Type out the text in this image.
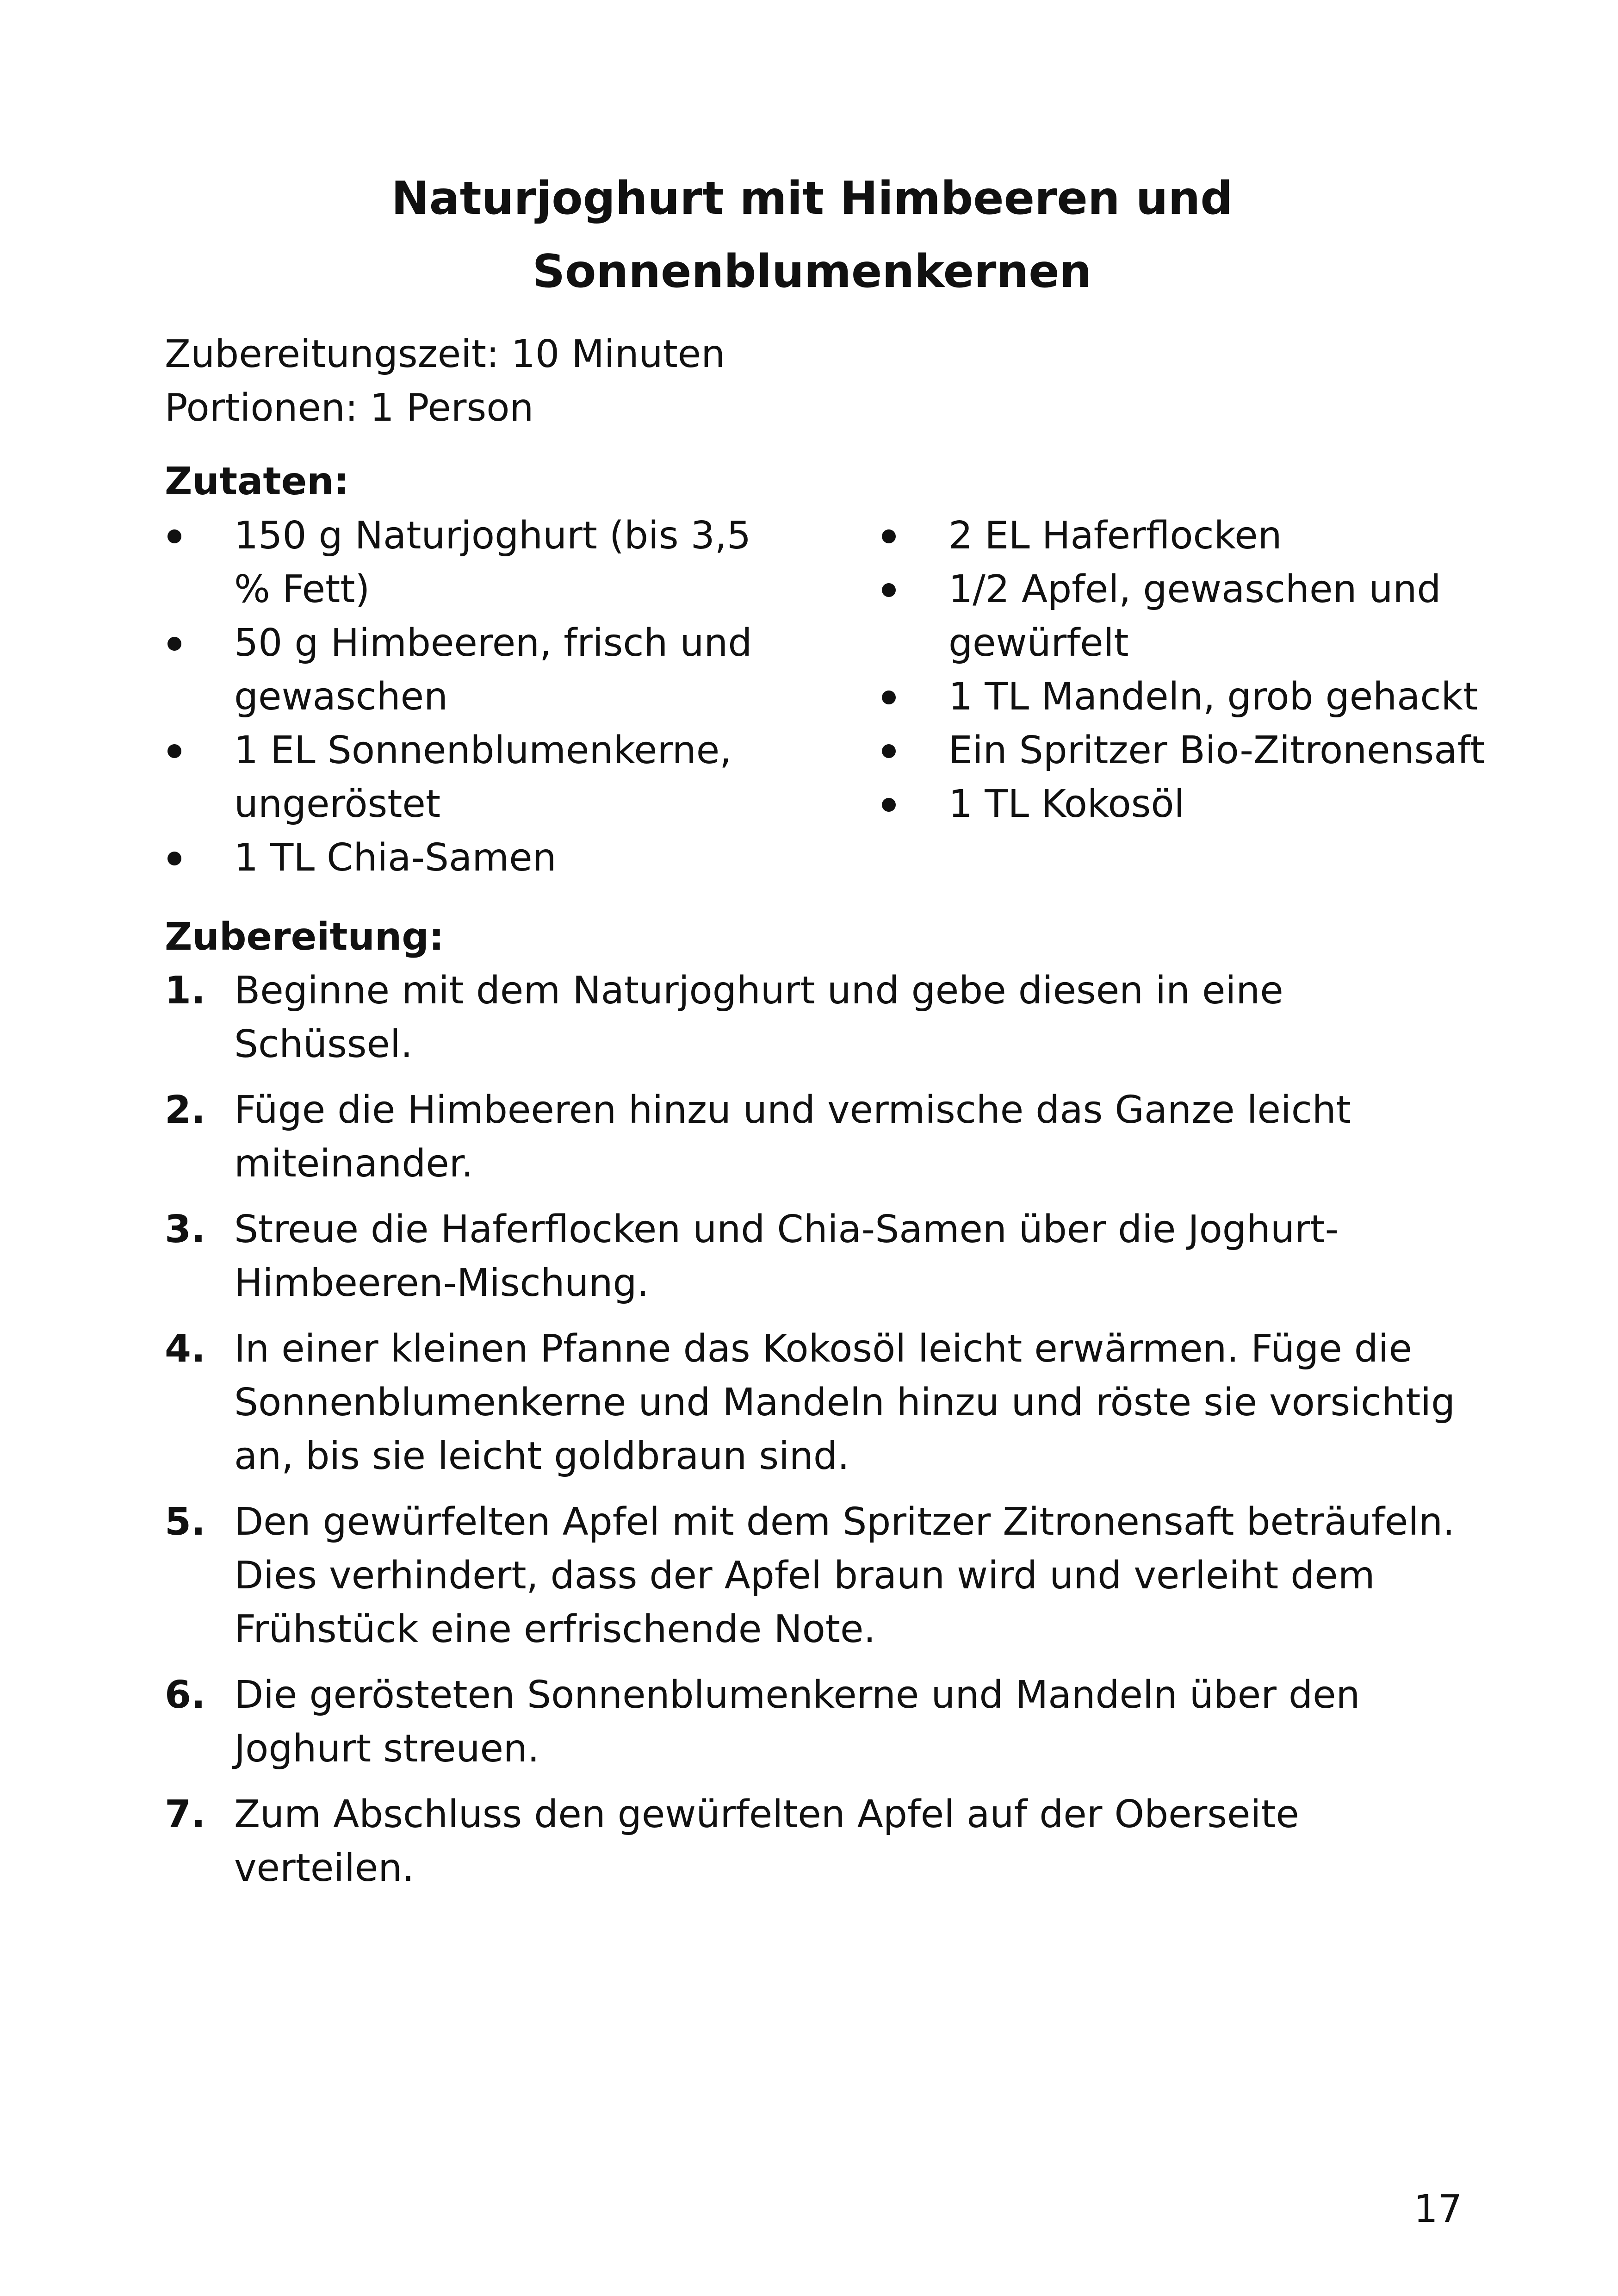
Naturjoghurt mit Himbeeren und
Sonnenblumenkernen

Zubereitungszeit: 10 Minuten
Portionen: 1 Person

Zutaten:
150 g Naturjoghurt (bis 3,5 % Fett)
50 g Himbeeren, frisch und gewaschen
1 EL Sonnenblumenkerne, ungeröstet
1 TL Chia-Samen
2 EL Haferflocken
1/2 Apfel, gewaschen und gewürfelt
1 TL Mandeln, grob gehackt
Ein Spritzer Bio-Zitronensaft
1 TL Kokosöl
Zubereitung:
1. Beginne mit dem Naturjoghurt und gebe diesen in eine Schüssel.
2. Füge die Himbeeren hinzu und vermische das Ganze leicht miteinander.
3. Streue die Haferflocken und Chia-Samen über die Joghurt-Himbeeren-Mischung.
4. In einer kleinen Pfanne das Kokosöl leicht erwärmen. Füge die Sonnenblumenkerne und Mandeln hinzu und röste sie vorsichtig an, bis sie leicht goldbraun sind.
5. Den gewürfelten Apfel mit dem Spritzer Zitronensaft beträufeln. Dies verhindert, dass der Apfel braun wird und verleiht dem Frühstück eine erfrischende Note.
6. Die gerösteten Sonnenblumenkerne und Mandeln über den Joghurt streuen.
7. Zum Abschluss den gewürfelten Apfel auf der Oberseite verteilen.
17
